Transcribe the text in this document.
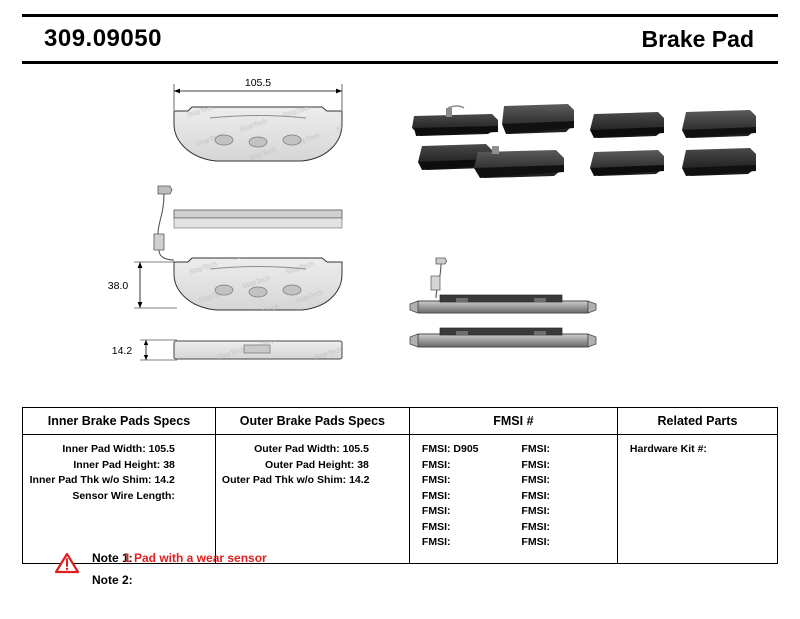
309.09050	Brake Pad
105.5
38.0
14.2
Inner Brake Pads Specs
Inner Pad Width: 105.5
Inner Pad Height: 38
Inner Pad Thk w/o Shim: 14.2
Sensor Wire Length:
Outer Brake Pads Specs
Outer Pad Width: 105.5
Outer Pad Height: 38
Outer Pad Thk w/o Shim: 14.2
FMSI #
FMSI: D905	FMSI:
FMSI:	FMSI:
FMSI:	FMSI:
FMSI:	FMSI:
FMSI:	FMSI:
FMSI:	FMSI:
FMSI:	FMSI:
Related Parts
Hardware Kit #:
Note 1:
1 Pad with a wear sensor
Note 2:
